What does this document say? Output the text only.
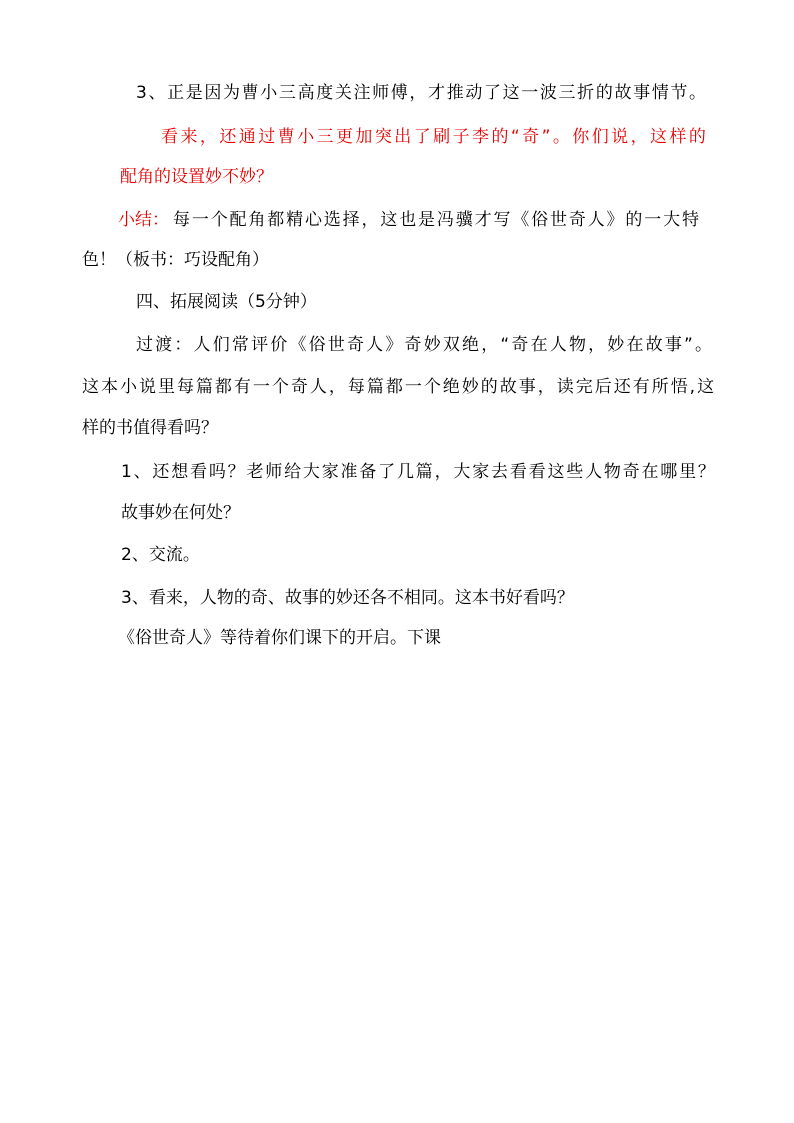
3、正是因为曹小三高度关注师傅，才推动了这一波三折的故事情节。
看来，还通过曹小三更加突出了刷子李的“奇”。你们说，这样的
配角的设置妙不妙？
小结： 每一个配角都精心选择，这也是冯骥才写《俗世奇人》的一大特
色！（板书：巧设配角）
四、拓展阅读（5分钟）
过渡：人们常评价《俗世奇人》奇妙双绝，“奇在人物，妙在故事”。
这本小说里每篇都有一个奇人，每篇都一个绝妙的故事，读完后还有所悟,这
样的书值得看吗？
1、还想看吗？老师给大家准备了几篇，大家去看看这些人物奇在哪里？
故事妙在何处？
2、交流。
3、看来，人物的奇、故事的妙还各不相同。这本书好看吗？
《俗世奇人》等待着你们课下的开启。下课
